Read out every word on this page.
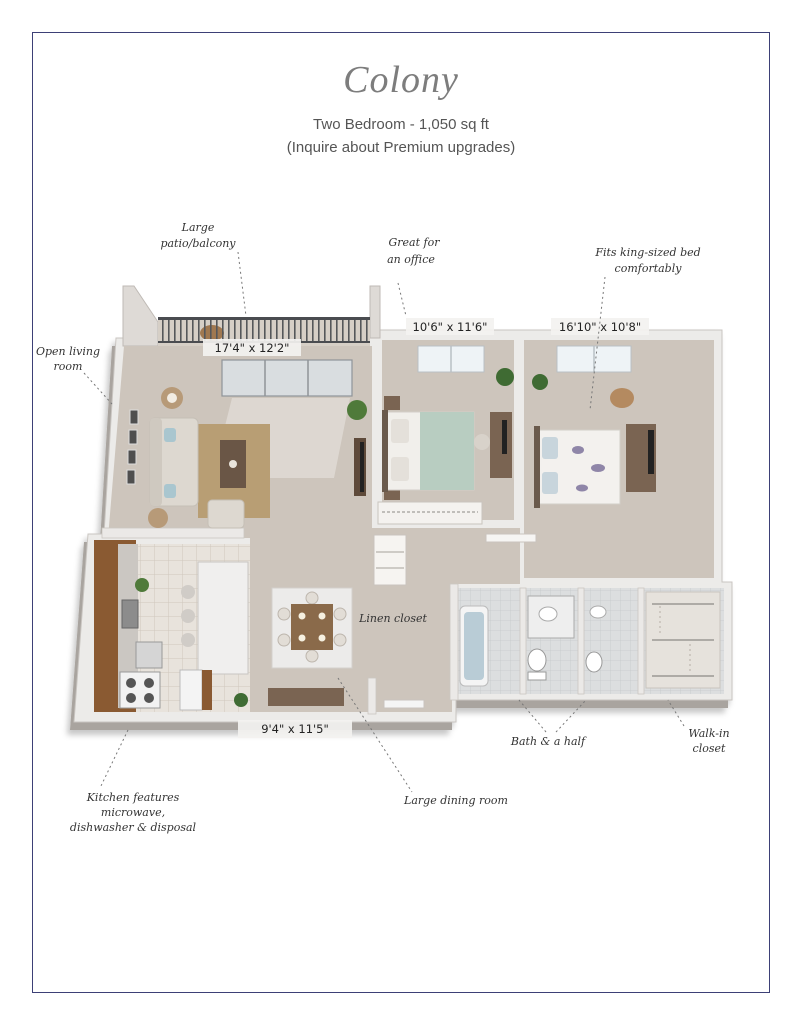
Colony
Two Bedroom - 1,050 sq ft
(Inquire about Premium upgrades)
17'4" x 12'2"
10'6" x 11'6"	16'10" x 10'8"
9'4" x 11'5"
Large
patio/balcony	Great for
an office
Fits king-sized bed
comfortably
Open living
room
Linen closet
Bath & a half
Walk-in
closet
Kitchen features
microwave,
dishwasher & disposal
Large dining room
